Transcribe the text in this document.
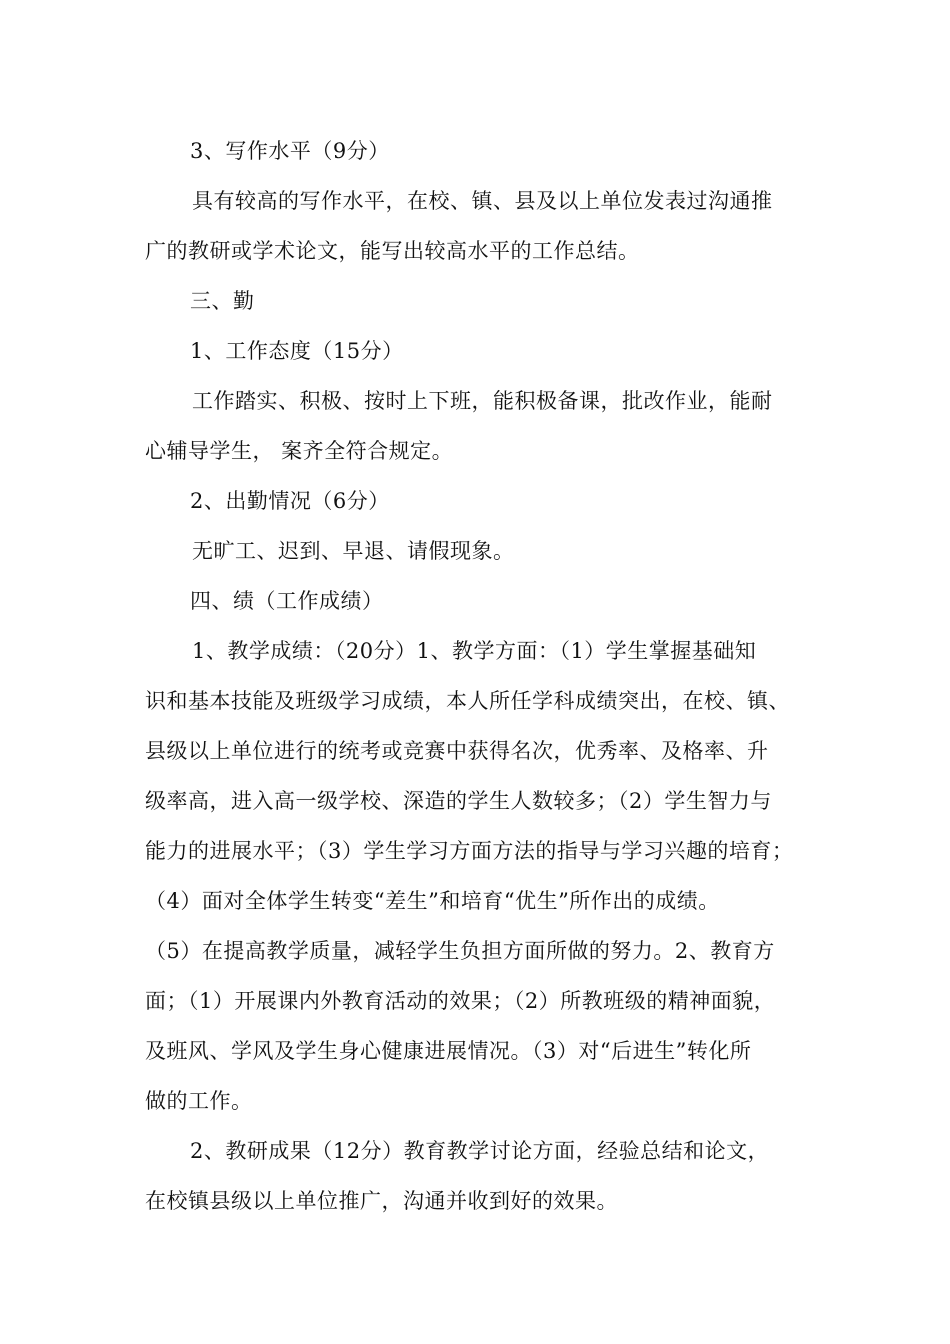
3、写作水平（9分）
具有较高的写作水平，在校、镇、县及以上单位发表过沟通推
广的教研或学术论文，能写出较高水平的工作总结。
三、勤
1、工作态度（15分）
工作踏实、积极、按时上下班，能积极备课，批改作业，能耐
心辅导学生， 案齐全符合规定。
2、出勤情况（6分）
无旷工、迟到、早退、请假现象。
四、绩（工作成绩）
1、教学成绩：（20分）1、教学方面：（1）学生掌握基础知
识和基本技能及班级学习成绩，本人所任学科成绩突出，在校、镇、
县级以上单位进行的统考或竞赛中获得名次，优秀率、及格率、升
级率高，进入高一级学校、深造的学生人数较多；（2）学生智力与
能力的进展水平；（3）学生学习方面方法的指导与学习兴趣的培育；
（4）面对全体学生转变“差生”和培育“优生”所作出的成绩。
（5）在提高教学质量，减轻学生负担方面所做的努力。2、教育方
面；（1）开展课内外教育活动的效果；（2）所教班级的精神面貌，
及班风、学风及学生身心健康进展情况。（3）对“后进生”转化所
做的工作。
2、教研成果（12分）教育教学讨论方面，经验总结和论文，
在校镇县级以上单位推广，沟通并收到好的效果。
